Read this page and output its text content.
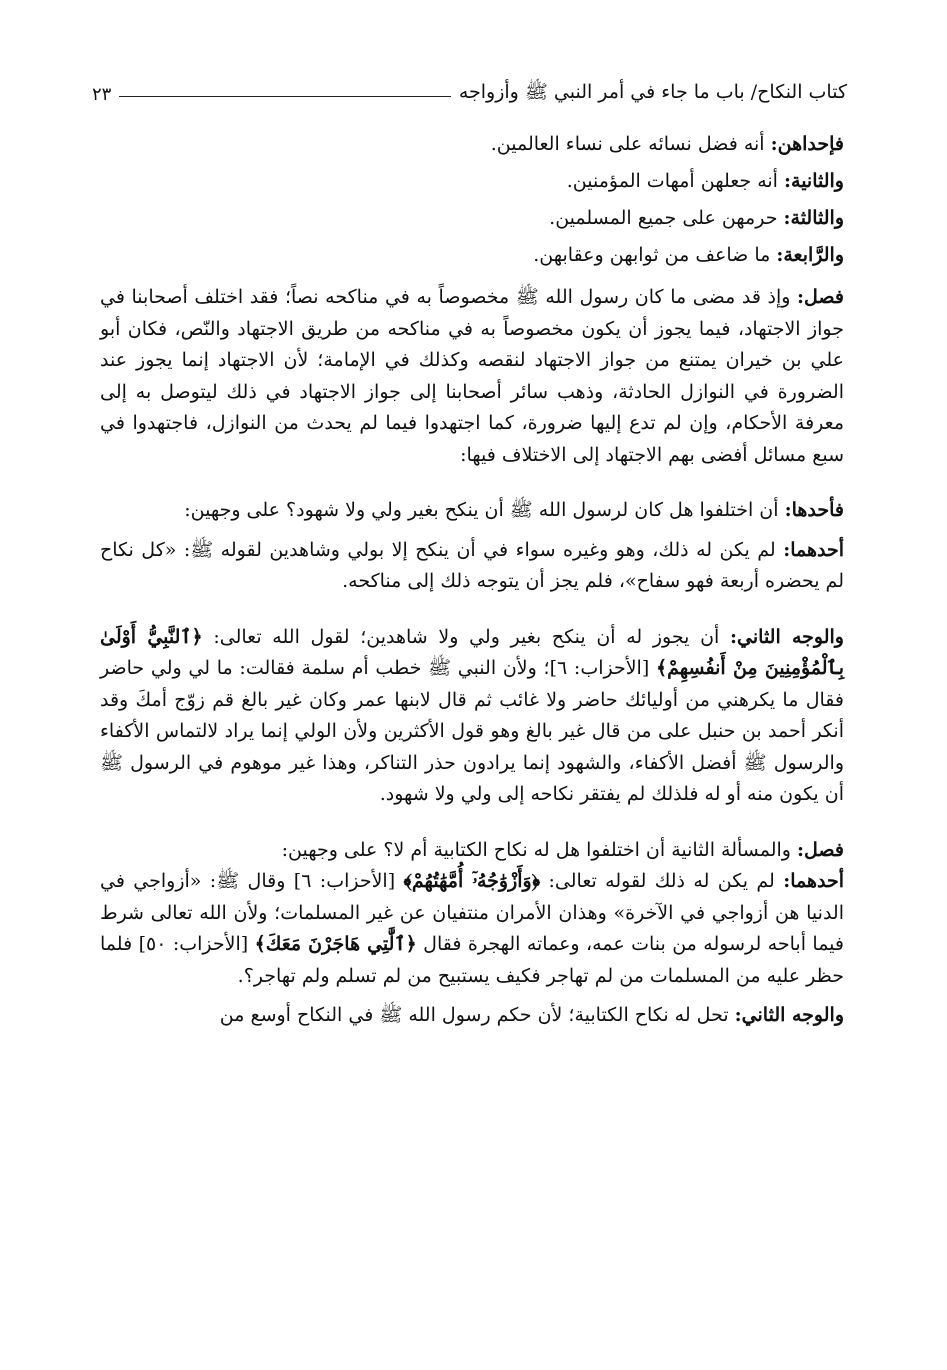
كتاب النكاح/ باب ما جاء في أمر النبي ﷺ وأزواجه
٢٣

فإحداهن: أنه فضل نسائه على نساء العالمين.

والثانية: أنه جعلهن أمهات المؤمنين.

والثالثة: حرمهن على جميع المسلمين.

والرَّابعة: ما ضاعف من ثوابهن وعقابهن.

فصل: وإذ قد مضى ما كان رسول الله ﷺ مخصوصاً به في مناكحه نصاً؛ فقد اختلف أصحابنا في جواز الاجتهاد، فيما يجوز أن يكون مخصوصاً به في مناكحه من طريق الاجتهاد والنّص، فكان أبو علي بن خيران يمتنع من جواز الاجتهاد لنقصه وكذلك في الإمامة؛ لأن الاجتهاد إنما يجوز عند الضرورة في النوازل الحادثة، وذهب سائر أصحابنا إلى جواز الاجتهاد في ذلك ليتوصل به إلى معرفة الأحكام، وإن لم تدع إليها ضرورة، كما اجتهدوا فيما لم يحدث من النوازل، فاجتهدوا في سبع مسائل أفضى بهم الاجتهاد إلى الاختلاف فيها:

فأحدها: أن اختلفوا هل كان لرسول الله ﷺ أن ينكح بغير ولي ولا شهود؟ على وجهين:

أحدهما: لم يكن له ذلك، وهو وغيره سواء في أن ينكح إلا بولي وشاهدين لقوله ﷺ: «كل نكاح لم يحضره أربعة فهو سفاح»، فلم يجز أن يتوجه ذلك إلى مناكحه.

والوجه الثاني: أن يجوز له أن ينكح بغير ولي ولا شاهدين؛ لقول الله تعالى: ﴿ٱلنَّبِيُّ أَوْلَىٰ بِٱلْمُؤْمِنِينَ مِنْ أَنفُسِهِمْ﴾ [الأحزاب: ٦]؛ ولأن النبي ﷺ خطب أم سلمة فقالت: ما لي ولي حاضر فقال ما يكرهني من أوليائك حاضر ولا غائب ثم قال لابنها عمر وكان غير بالغ قم زوّج أمكَ وقد أنكر أحمد بن حنبل على من قال غير بالغ وهو قول الأكثرين ولأن الولي إنما يراد لالتماس الأكفاء والرسول ﷺ أفضل الأكفاء، والشهود إنما يرادون حذر التناكر، وهذا غير موهوم في الرسول ﷺ أن يكون منه أو له فلذلك لم يفتقر نكاحه إلى ولي ولا شهود.

فصل: والمسألة الثانية أن اختلفوا هل له نكاح الكتابية أم لا؟ على وجهين:

أحدهما: لم يكن له ذلك لقوله تعالى: ﴿وَأَزْوَٰجُهُۥٓ أُمَّهَٰتُهُمْ﴾ [الأحزاب: ٦] وقال ﷺ: «أزواجي في الدنيا هن أزواجي في الآخرة» وهذان الأمران منتفيان عن غير المسلمات؛ ولأن الله تعالى شرط فيما أباحه لرسوله من بنات عمه، وعماته الهجرة فقال ﴿ٱلَّٰتِي هَاجَرْنَ مَعَكَ﴾ [الأحزاب: ٥٠] فلما حظر عليه من المسلمات من لم تهاجر فكيف يستبيح من لم تسلم ولم تهاجر؟.

والوجه الثاني: تحل له نكاح الكتابية؛ لأن حكم رسول الله ﷺ في النكاح أوسع من
